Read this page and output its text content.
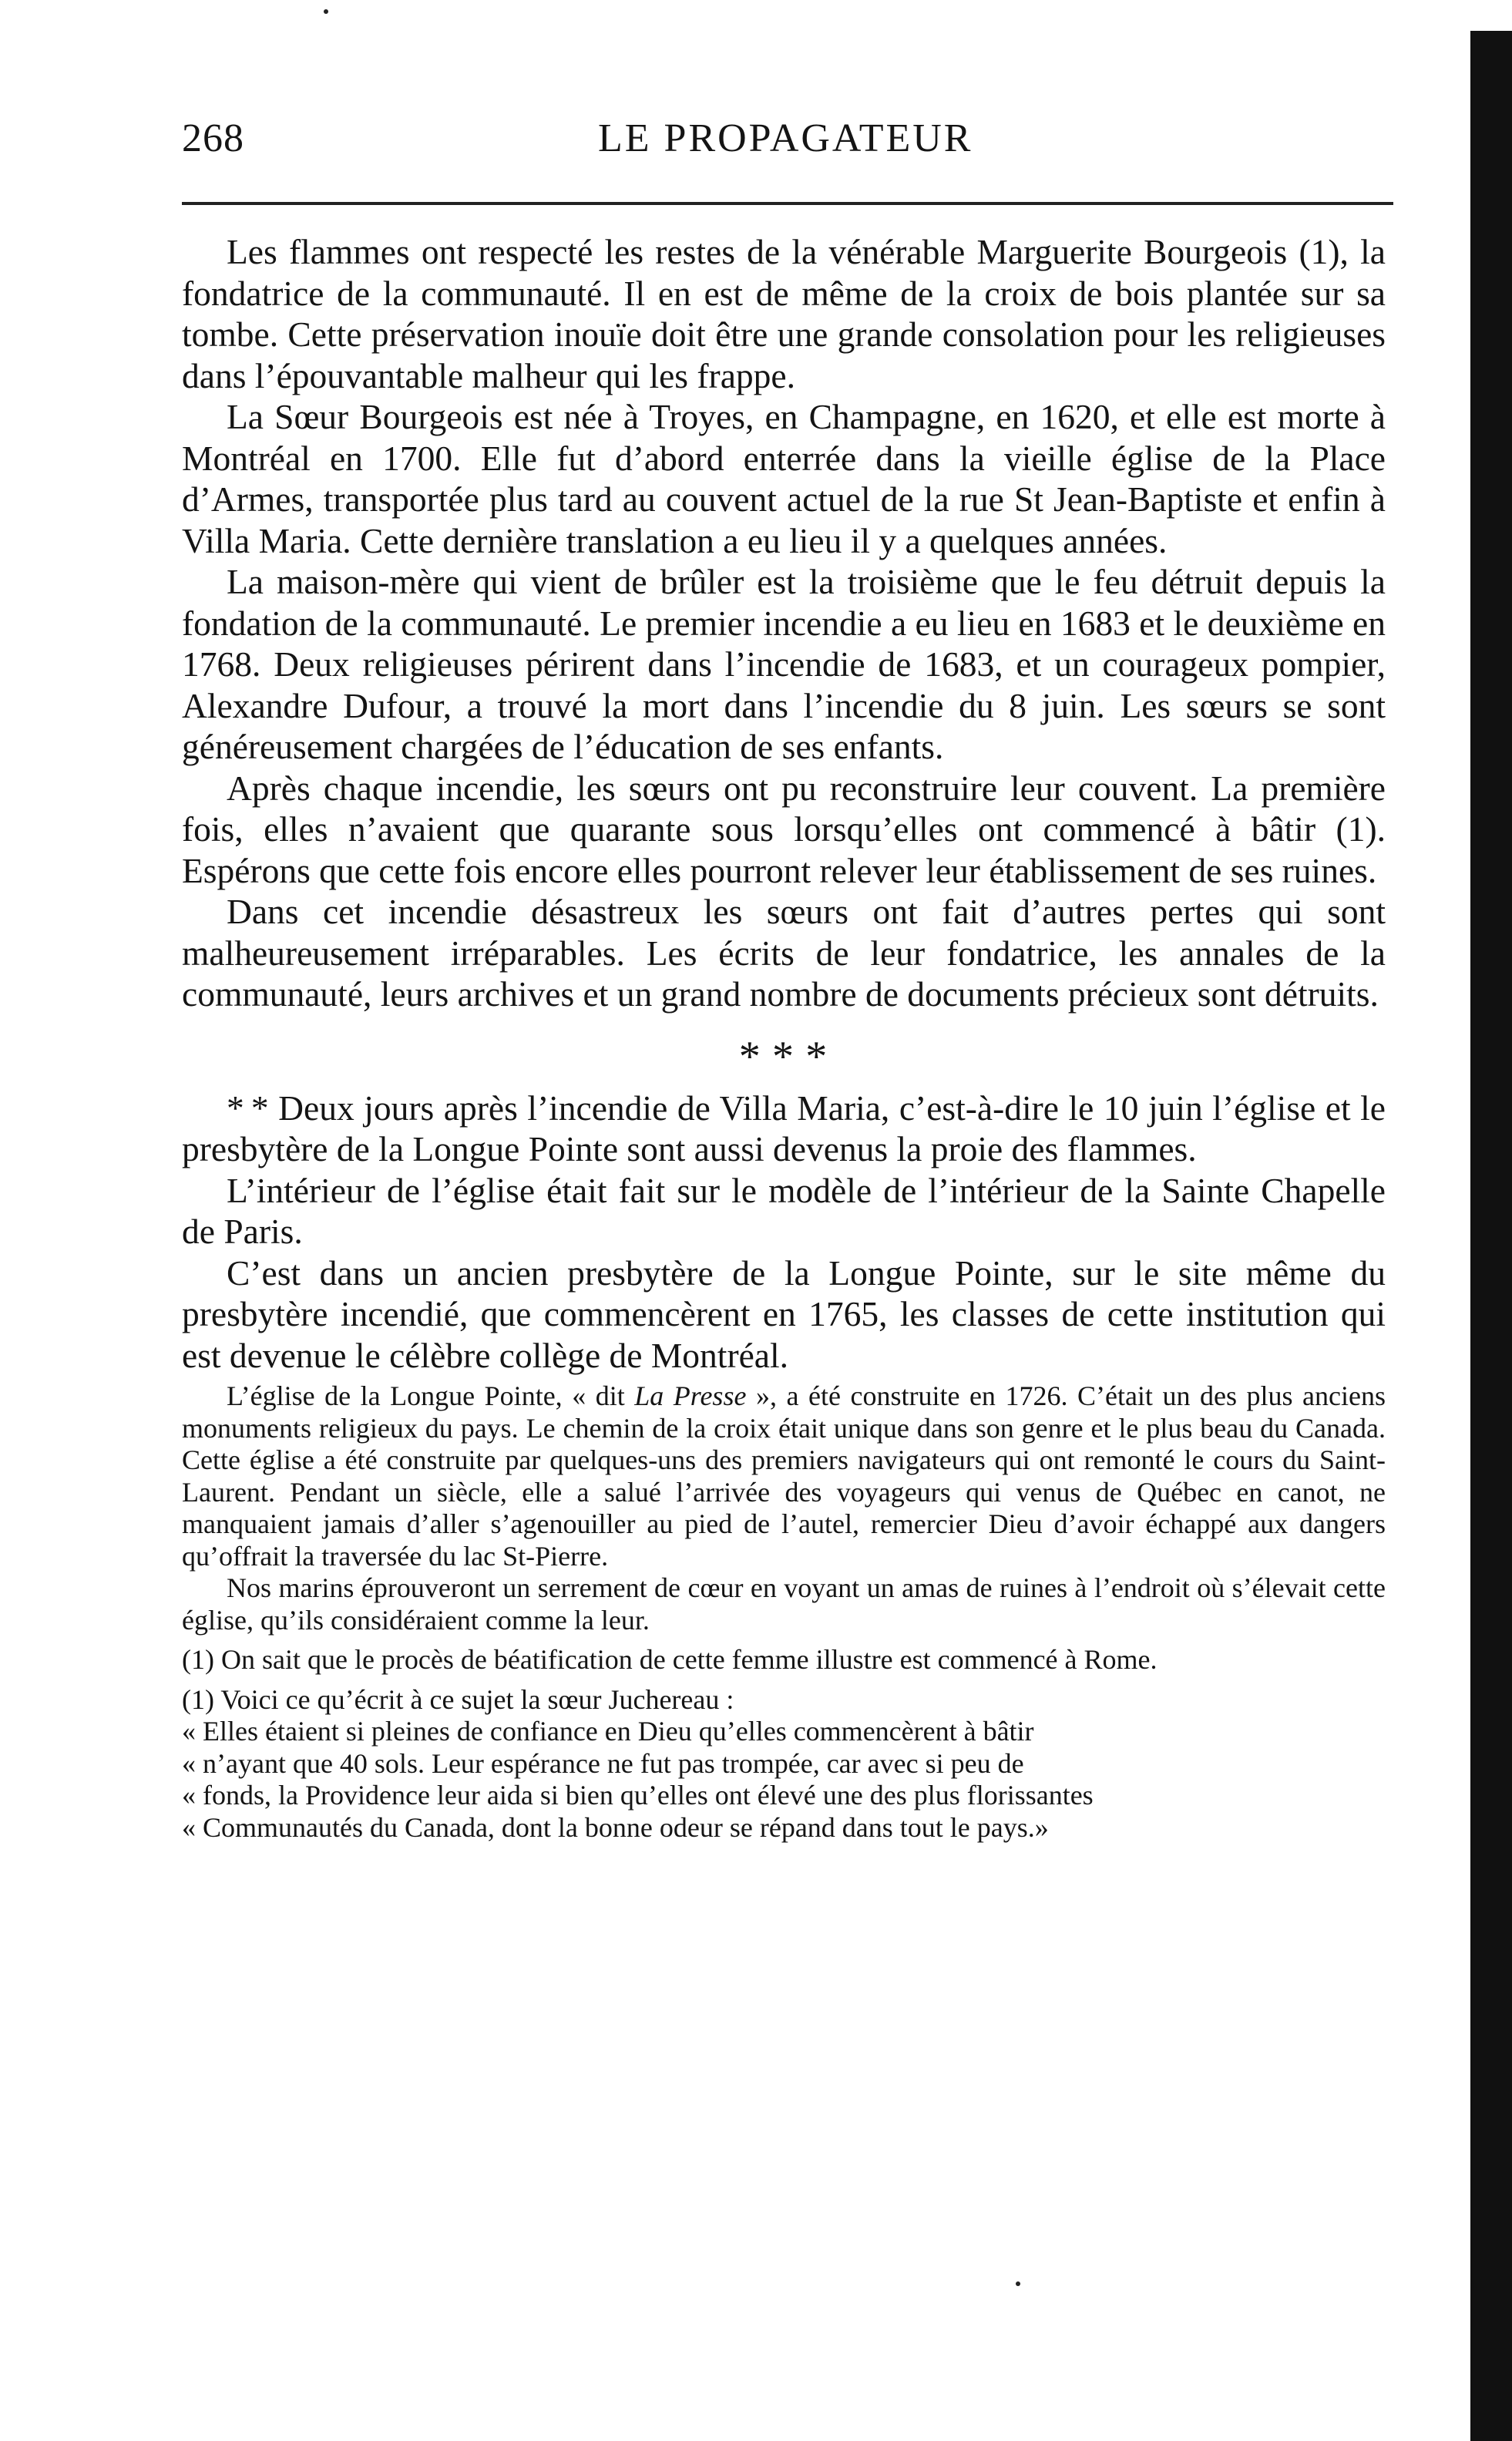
268	LE PROPAGATEUR

Les flammes ont respecté les restes de la vénérable Marguerite Bourgeois (1), la fondatrice de la communauté. Il en est de même de la croix de bois plantée sur sa tombe. Cette préservation inouïe doit être une grande consolation pour les religieuses dans l’épouvantable malheur qui les frappe.

La Sœur Bourgeois est née à Troyes, en Champagne, en 1620, et elle est morte à Montréal en 1700. Elle fut d’abord enterrée dans la vieille église de la Place d’Armes, transportée plus tard au couvent actuel de la rue St Jean-Baptiste et enfin à Villa Maria. Cette dernière translation a eu lieu il y a quelques années.

La maison-mère qui vient de brûler est la troisième que le feu détruit depuis la fondation de la communauté. Le premier incendie a eu lieu en 1683 et le deuxième en 1768. Deux religieuses périrent dans l’incendie de 1683, et un courageux pompier, Alexandre Dufour, a trouvé la mort dans l’incendie du 8 juin. Les sœurs se sont généreusement chargées de l’éducation de ses enfants.

Après chaque incendie, les sœurs ont pu reconstruire leur couvent. La première fois, elles n’avaient que quarante sous lorsqu’elles ont commencé à bâtir (1). Espérons que cette fois encore elles pourront relever leur établissement de ses ruines.

Dans cet incendie désastreux les sœurs ont fait d’autres pertes qui sont malheureusement irréparables. Les écrits de leur fondatrice, les annales de la communauté, leurs archives et un grand nombre de documents précieux sont détruits.

* * *

* * Deux jours après l’incendie de Villa Maria, c’est-à-dire le 10 juin l’église et le presbytère de la Longue Pointe sont aussi devenus la proie des flammes.

L’intérieur de l’église était fait sur le modèle de l’intérieur de la Sainte Chapelle de Paris.

C’est dans un ancien presbytère de la Longue Pointe, sur le site même du presbytère incendié, que commencèrent en 1765, les classes de cette institution qui est devenue le célèbre collège de Montréal.

L’église de la Longue Pointe, « dit La Presse », a été construite en 1726. C’était un des plus anciens monuments religieux du pays. Le chemin de la croix était unique dans son genre et le plus beau du Canada. Cette église a été construite par quelques-uns des premiers navigateurs qui ont remonté le cours du Saint-Laurent. Pendant un siècle, elle a salué l’arrivée des voyageurs qui venus de Québec en canot, ne manquaient jamais d’aller s’agenouiller au pied de l’autel, remercier Dieu d’avoir échappé aux dangers qu’offrait la traversée du lac St-Pierre.

Nos marins éprouveront un serrement de cœur en voyant un amas de ruines à l’endroit où s’élevait cette église, qu’ils considéraient comme la leur.

(1) On sait que le procès de béatification de cette femme illustre est commencé à Rome.

(1) Voici ce qu’écrit à ce sujet la sœur Juchereau :

« Elles étaient si pleines de confiance en Dieu qu’elles commencèrent à bâtir

« n’ayant que 40 sols. Leur espérance ne fut pas trompée, car avec si peu de

« fonds, la Providence leur aida si bien qu’elles ont élevé une des plus florissantes

« Communautés du Canada, dont la bonne odeur se répand dans tout le pays.»
